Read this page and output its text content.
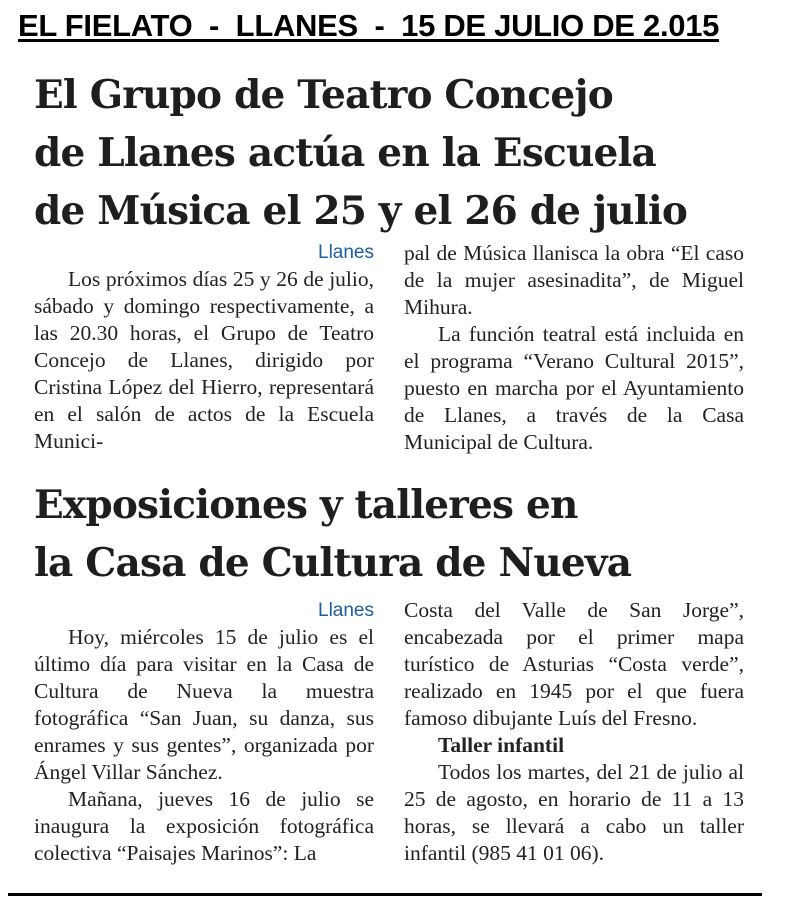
EL FIELATO  -  LLANES  -  15 DE JULIO DE 2.015
El Grupo de Teatro Concejo
de Llanes actúa en la Escuela
de Música el 25 y el 26 de julio
Llanes

Los próximos días 25 y 26 de julio, sábado y domingo respectivamente, a las 20.30 horas, el Grupo de Teatro Concejo de Llanes, dirigido por Cristina López del Hierro, representará en el salón de actos de la Escuela Munici-

pal de Música llanisca la obra “El caso de la mujer asesinadita”, de Miguel Mihura.

La función teatral está incluida en el programa “Verano Cultural 2015”, puesto en marcha por el Ayuntamiento de Llanes, a través de la Casa Municipal de Cultura.

Exposiciones y talleres en
la Casa de Cultura de Nueva
Llanes

Hoy, miércoles 15 de julio es el último día para visitar en la Casa de Cultura de Nueva la muestra fotográfica “San Juan, su danza, sus enrames y sus gentes”, organizada por Ángel Villar Sánchez.

Mañana, jueves 16 de julio se inaugura la exposición fotográfica colectiva “Paisajes Marinos”: La

Costa del Valle de San Jorge”, encabezada por el primer mapa turístico de Asturias “Costa verde”, realizado en 1945 por el que fuera famoso dibujante Luís del Fresno.

Taller infantil

Todos los martes, del 21 de julio al 25 de agosto, en horario de 11 a 13 horas, se llevará a cabo un taller infantil (985 41 01 06).
